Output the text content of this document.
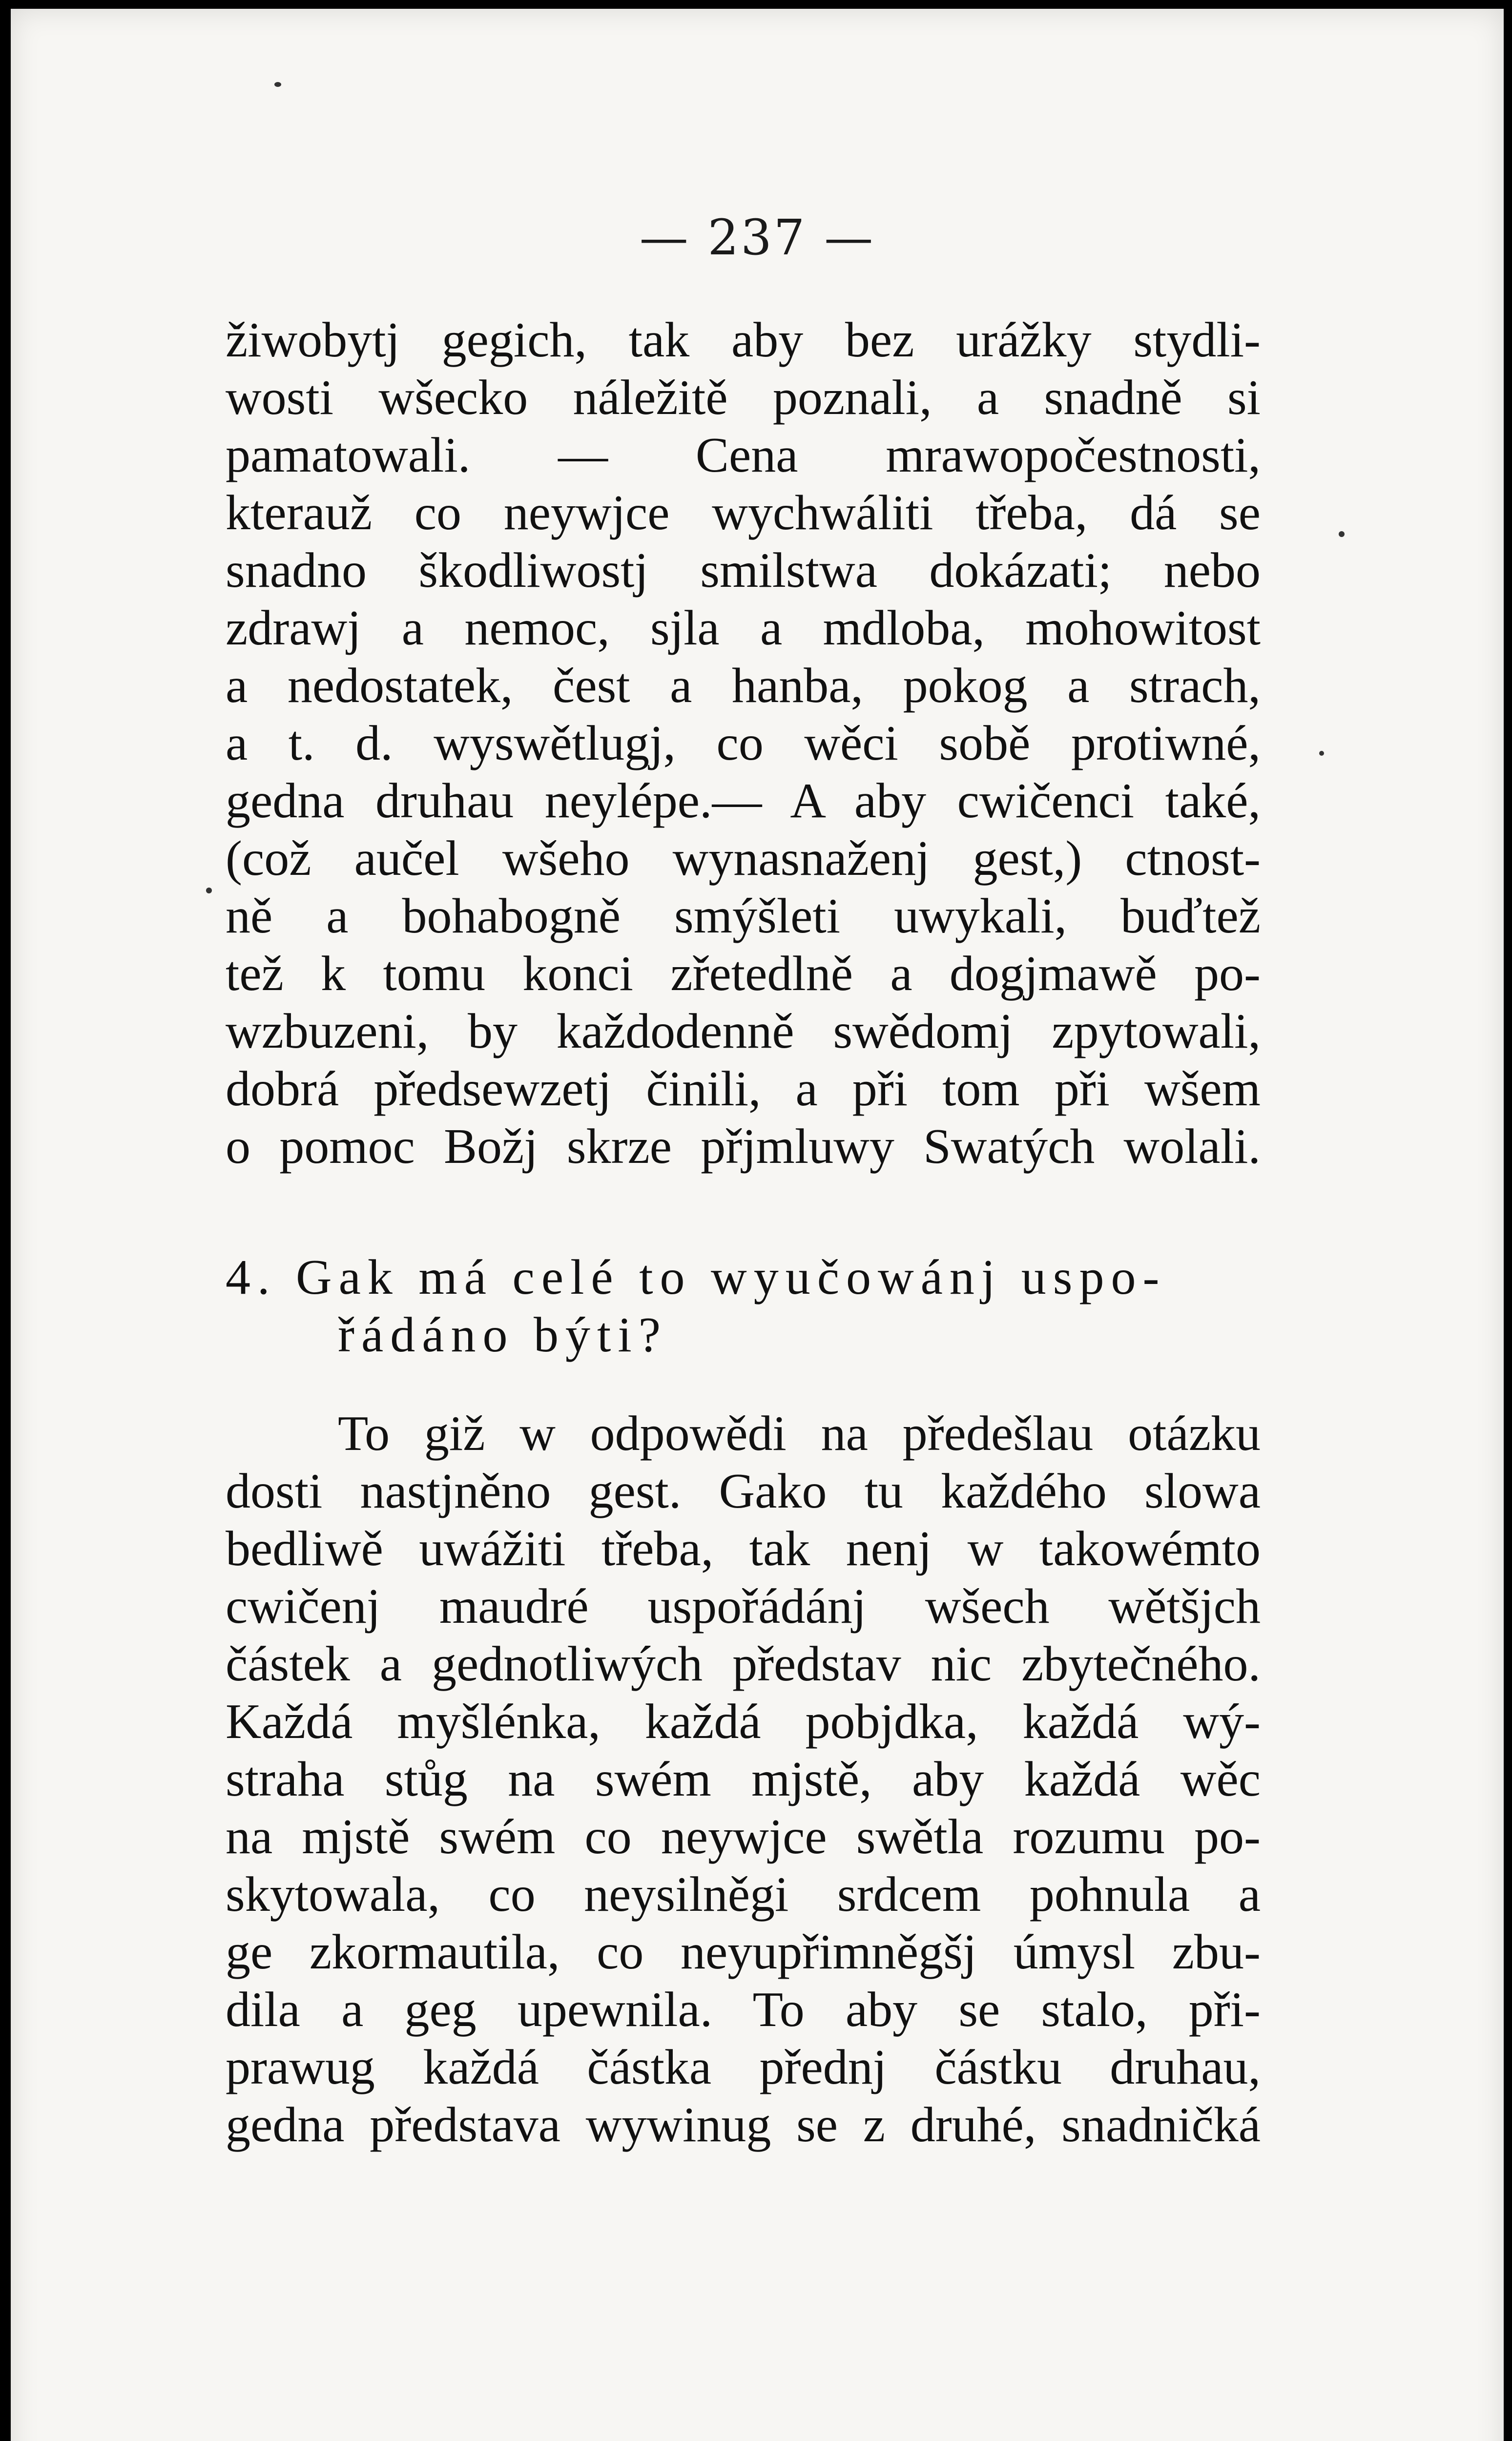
— 237 —
žiwobytj gegich, tak aby bez urážky stydli-
wosti wšecko náležitě poznali, a snadně si
pamatowali. — Cena mrawopočestnosti,
kterauž co neywjce wychwáliti třeba, dá se
snadno škodliwostj smilstwa dokázati; nebo
zdrawj a nemoc, sjla a mdloba, mohowitost
a nedostatek, čest a hanba, pokog a strach,
a t. d. wyswětlugj, co wěci sobě protiwné,
gedna druhau neylépe.— A aby cwičenci také,
(což aučel wšeho wynasnaženj gest,) ctnost-
ně a bohabogně smýšleti uwykali, buďtež
tež k tomu konci zřetedlně a dogjmawě po-
wzbuzeni, by každodenně swědomj zpytowali,
dobrá předsewzetj činili, a při tom při wšem
o pomoc Božj skrze přjmluwy Swatých wolali.
4. Gak má celé to wyučowánj uspo-
řádáno býti?
To giž w odpowědi na předešlau otázku
dosti nastjněno gest. Gako tu každého slowa
bedliwě uwážiti třeba, tak nenj w takowémto
cwičenj maudré uspořádánj wšech wětšjch
částek a gednotliwých představ nic zbytečného.
Každá myšlénka, každá pobjdka, každá wý-
straha stůg na swém mjstě, aby každá wěc
na mjstě swém co neywjce swětla rozumu po-
skytowala, co neysilněgi srdcem pohnula a
ge zkormautila, co neyupřimněgšj úmysl zbu-
dila a geg upewnila. To aby se stalo, při-
prawug každá částka přednj částku druhau,
gedna představa wywinug se z druhé, snadničká
